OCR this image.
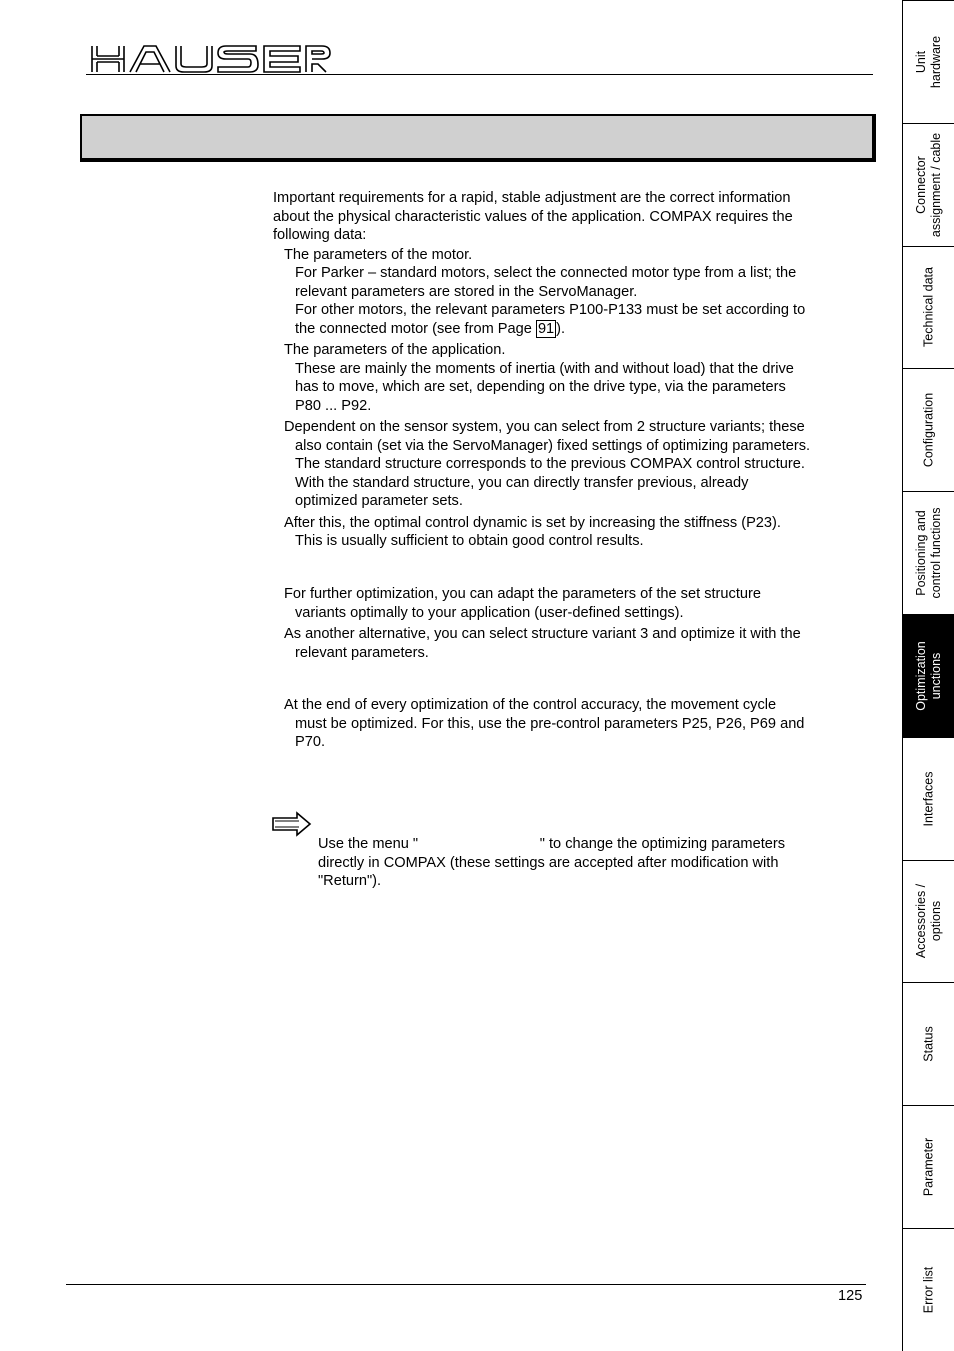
Important requirements for a rapid, stable adjustment are the correct information
about the physical characteristic values of the application. COMPAX requires the
following data:
The parameters of the motor.
For Parker – standard motors, select the connected motor type from a list; the
relevant parameters are stored in the ServoManager.
For other motors, the relevant parameters P100-P133 must be set according to
the connected motor (see from Page 91 ).
The parameters of the application.
These are mainly the moments of inertia (with and without load) that the drive
has to move, which are set, depending on the drive type, via the parameters
P80 ... P92.
Dependent on the sensor system, you can select from 2 structure variants; these
also contain (set via the ServoManager) fixed settings of optimizing parameters.
The standard structure corresponds to the previous COMPAX control structure.
With the standard structure, you can directly transfer previous, already
optimized parameter sets.
After this, the optimal control dynamic is set by increasing the stiffness (P23).
This is usually sufficient to obtain good control results.
For further optimization, you can adapt the parameters of the set structure
variants optimally to your application (user-defined settings).
As another alternative, you can select structure variant 3 and optimize it with the
relevant parameters.
At the end of every optimization of the control accuracy, the movement cycle
must be optimized. For this, use the pre-control parameters P25, P26, P69 and
P70.
Use the menu "                              " to change the optimizing parameters
directly in COMPAX (these settings are accepted after modification with
"Return").
125
Unit hardware
Connector assignment / cable
Technical data
Configuration
Positioning and control functions
Optimization unctions
Interfaces
Accessories / options
Status
Parameter
Error list
